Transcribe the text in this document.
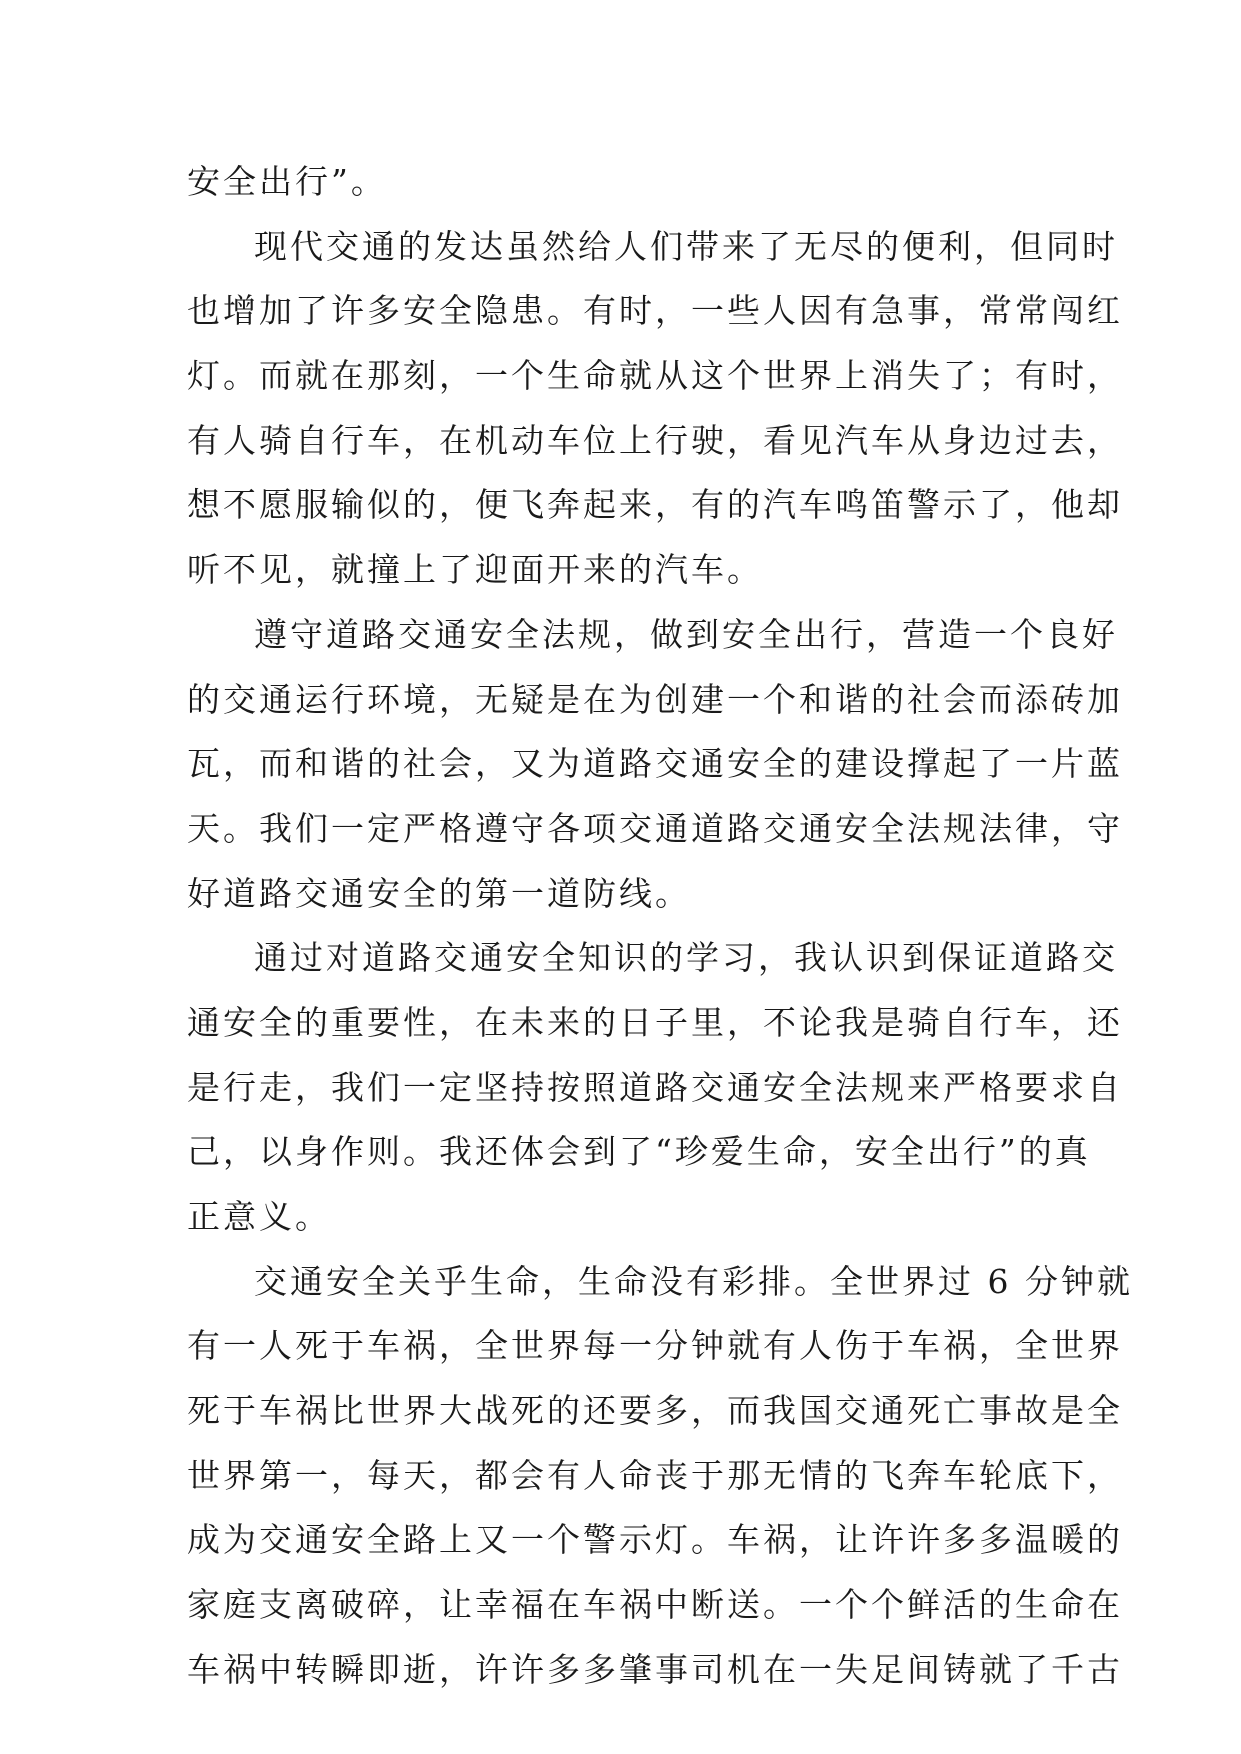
安全出行”。
现代交通的发达虽然给人们带来了无尽的便利，但同时
也增加了许多安全隐患。有时，一些人因有急事，常常闯红
灯。而就在那刻，一个生命就从这个世界上消失了；有时，
有人骑自行车，在机动车位上行驶，看见汽车从身边过去，
想不愿服输似的，便飞奔起来，有的汽车鸣笛警示了，他却
听不见，就撞上了迎面开来的汽车。
遵守道路交通安全法规，做到安全出行，营造一个良好
的交通运行环境，无疑是在为创建一个和谐的社会而添砖加
瓦，而和谐的社会，又为道路交通安全的建设撑起了一片蓝
天。我们一定严格遵守各项交通道路交通安全法规法律，守
好道路交通安全的第一道防线。
通过对道路交通安全知识的学习，我认识到保证道路交
通安全的重要性，在未来的日子里，不论我是骑自行车，还
是行走，我们一定坚持按照道路交通安全法规来严格要求自
己，以身作则。我还体会到了“珍爱生命，安全出行”的真
正意义。
交通安全关乎生命，生命没有彩排。全世界过 6 分钟就
有一人死于车祸，全世界每一分钟就有人伤于车祸，全世界
死于车祸比世界大战死的还要多，而我国交通死亡事故是全
世界第一，每天，都会有人命丧于那无情的飞奔车轮底下，
成为交通安全路上又一个警示灯。车祸，让许许多多温暖的
家庭支离破碎，让幸福在车祸中断送。一个个鲜活的生命在
车祸中转瞬即逝，许许多多肇事司机在一失足间铸就了千古
